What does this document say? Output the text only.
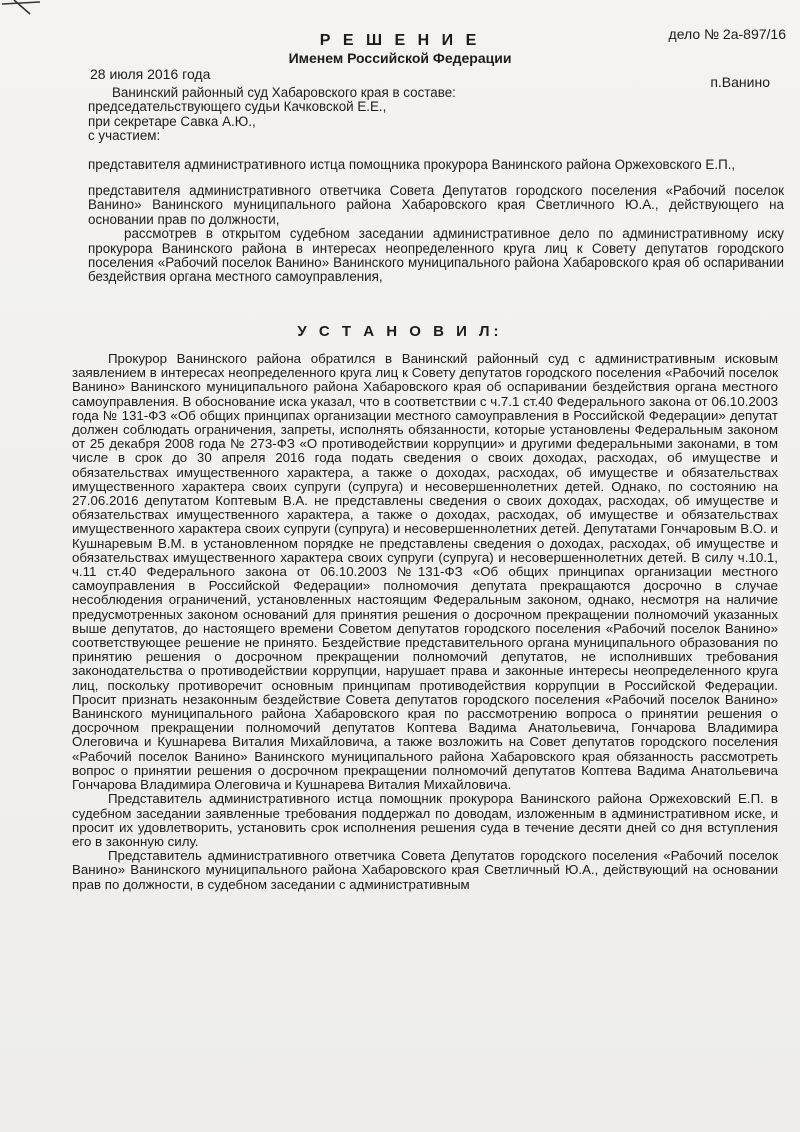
Р Е Ш Е Н И Е
Именем Российской Федерации
дело № 2а-897/16
28 июля 2016 года	п.Ванино

Ванинский районный суд Хабаровского края в составе:

председательствующего судьи Качковской Е.Е.,

при секретаре Савка А.Ю.,

с участием:

представителя административного истца помощника прокурора Ванинского района Оржеховского Е.П.,

представителя административного ответчика Совета Депутатов городского поселения «Рабочий поселок Ванино» Ванинского муниципального района Хабаровского края Светличного Ю.А., действующего на основании прав по должности,

рассмотрев в открытом судебном заседании административное дело по административному иску прокурора Ванинского района в интересах неопределенного круга лиц к Совету депутатов городского поселения «Рабочий поселок Ванино» Ванинского муниципального района Хабаровского края об оспаривании бездействия органа местного самоуправления,

У С Т А Н О В И Л:

Прокурор Ванинского района обратился в Ванинский районный суд с административным исковым заявлением в интересах неопределенного круга лиц к Совету депутатов городского поселения «Рабочий поселок Ванино» Ванинского муниципального района Хабаровского края об оспаривании бездействия органа местного самоуправления. В обоснование иска указал, что в соответствии с ч.7.1 ст.40 Федерального закона от 06.10.2003 года № 131-ФЗ «Об общих принципах организации местного самоуправления в Российской Федерации» депутат должен соблюдать ограничения, запреты, исполнять обязанности, которые установлены Федеральным законом от 25 декабря 2008 года № 273-ФЗ «О противодействии коррупции» и другими федеральными законами, в том числе в срок до 30 апреля 2016 года подать сведения о своих доходах, расходах, об имуществе и обязательствах имущественного характера, а также о доходах, расходах, об имуществе и обязательствах имущественного характера своих супруги (супруга) и несовершеннолетних детей. Однако, по состоянию на 27.06.2016 депутатом Коптевым В.А. не представлены сведения о своих доходах, расходах, об имуществе и обязательствах имущественного характера, а также о доходах, расходах, об имуществе и обязательствах имущественного характера своих супруги (супруга) и несовершеннолетних детей. Депутатами Гончаровым В.О. и Кушнаревым В.М. в установленном порядке не представлены сведения о доходах, расходах, об имуществе и обязательствах имущественного характера своих супруги (супруга) и несовершеннолетних детей. В силу ч.10.1, ч.11 ст.40 Федерального закона от 06.10.2003 №131-ФЗ «Об общих принципах организации местного самоуправления в Российской Федерации» полномочия депутата прекращаются досрочно в случае несоблюдения ограничений, установленных настоящим Федеральным законом, однако, несмотря на наличие предусмотренных законом оснований для принятия решения о досрочном прекращении полномочий указанных выше депутатов, до настоящего времени Советом депутатов городского поселения «Рабочий поселок Ванино» соответствующее решение не принято. Бездействие представительного органа муниципального образования по принятию решения о досрочном прекращении полномочий депутатов, не исполнивших требования законодательства о противодействии коррупции, нарушает права и законные интересы неопределенного круга лиц, поскольку противоречит основным принципам противодействия коррупции в Российской Федерации. Просит признать незаконным бездействие Совета депутатов городского поселения «Рабочий поселок Ванино» Ванинского муниципального района Хабаровского края по рассмотрению вопроса о принятии решения о досрочном прекращении полномочий депутатов Коптева Вадима Анатольевича, Гончарова Владимира Олеговича и Кушнарева Виталия Михайловича, а также возложить на Совет депутатов городского поселения «Рабочий поселок Ванино» Ванинского муниципального района Хабаровского края обязанность рассмотреть вопрос о принятии решения о досрочном прекращении полномочий депутатов Коптева Вадима Анатольевича Гончарова Владимира Олеговича и Кушнарева Виталия Михайловича.

Представитель административного истца помощник прокурора Ванинского района Оржеховский Е.П. в судебном заседании заявленные требования поддержал по доводам, изложенным в административном иске, и просит их удовлетворить, установить срок исполнения решения суда в течение десяти дней со дня вступления его в законную силу.

Представитель административного ответчика Совета Депутатов городского поселения «Рабочий поселок Ванино» Ванинского муниципального района Хабаровского края Светличный Ю.А., действующий на основании прав по должности, в судебном заседании с административным
